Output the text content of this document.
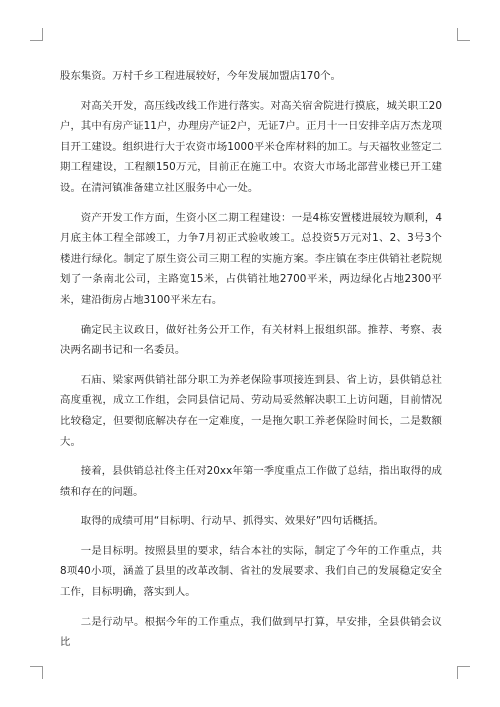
股东集资。万村千乡工程进展较好，今年发展加盟店170个。

对高关开发，高压线改线工作进行落实。对高关宿舍院进行摸底，城关职工20户，其中有房产证11户，办理房产证2户，无证7户。正月十一日安排辛店万杰龙项目开工建设。组织进行大于农资市场1000平米仓库材料的加工。与天福牧业签定二期工程建设，工程额150万元，目前正在施工中。农资大市场北部营业楼已开工建设。在清河镇准备建立社区服务中心一处。

资产开发工作方面，生资小区二期工程建设：一是4栋安置楼进展较为顺利，4月底主体工程全部竣工，力争7月初正式验收竣工。总投资5万元对1、2、3号3个楼进行绿化。制定了原生资公司三期工程的实施方案。李庄镇在李庄供销社老院规划了一条南北公司，主路宽15米，占供销社地2700平米，两边绿化占地2300平米，建沿街房占地3100平米左右。

确定民主议政日，做好社务公开工作，有关材料上报组织部。推荐、考察、表决两名副书记和一名委员。

石庙、梁家两供销社部分职工为养老保险事项接连到县、省上访，县供销总社高度重视，成立工作组，会同县信记局、劳动局妥然解决职工上访问题，目前情况比较稳定，但要彻底解决存在一定难度，一是拖欠职工养老保险时间长，二是数额大。

接着，县供销总社佟主任对20xx年第一季度重点工作做了总结，指出取得的成绩和存在的问题。

取得的成绩可用“目标明、行动早、抓得实、效果好”四句话概括。

一是目标明。按照县里的要求，结合本社的实际，制定了今年的工作重点，共8项40小项，涵盖了县里的改革改制、省社的发展要求、我们自己的发展稳定安全工作，目标明确，落实到人。

二是行动早。根据今年的工作重点，我们做到早打算，早安排，全县供销会议比
